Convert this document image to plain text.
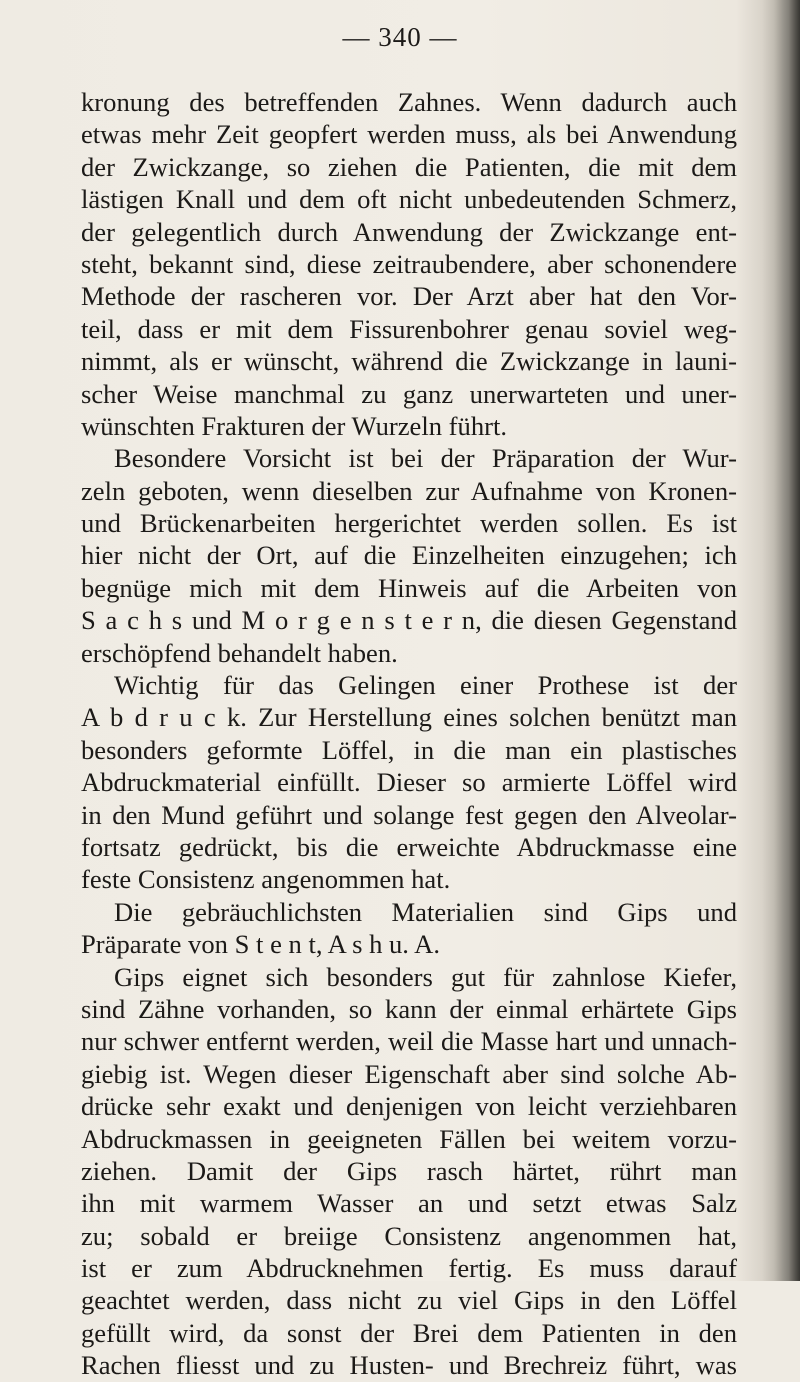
— 340 —
kronung des betreffenden Zahnes. Wenn dadurch auch
etwas mehr Zeit geopfert werden muss, als bei Anwendung
der Zwickzange, so ziehen die Patienten, die mit dem
lästigen Knall und dem oft nicht unbedeutenden Schmerz,
der gelegentlich durch Anwendung der Zwickzange ent-
steht, bekannt sind, diese zeitraubendere, aber schonendere
Methode der rascheren vor. Der Arzt aber hat den Vor-
teil, dass er mit dem Fissurenbohrer genau soviel weg-
nimmt, als er wünscht, während die Zwickzange in launi-
scher Weise manchmal zu ganz unerwarteten und uner-
wünschten Frakturen der Wurzeln führt.
Besondere Vorsicht ist bei der Präparation der Wur-
zeln geboten, wenn dieselben zur Aufnahme von Kronen-
und Brückenarbeiten hergerichtet werden sollen. Es ist
hier nicht der Ort, auf die Einzelheiten einzugehen; ich
begnüge mich mit dem Hinweis auf die Arbeiten von
S a c h s und M o r g e n s t e r n, die diesen Gegenstand
erschöpfend behandelt haben.
Wichtig für das Gelingen einer Prothese ist der
A b d r u c k. Zur Herstellung eines solchen benützt man
besonders geformte Löffel, in die man ein plastisches
Abdruckmaterial einfüllt. Dieser so armierte Löffel wird
in den Mund geführt und solange fest gegen den Alveolar-
fortsatz gedrückt, bis die erweichte Abdruckmasse eine
feste Consistenz angenommen hat.
Die gebräuchlichsten Materialien sind Gips und
Präparate von S t e n t, A s h u. A.
Gips eignet sich besonders gut für zahnlose Kiefer,
sind Zähne vorhanden, so kann der einmal erhärtete Gips
nur schwer entfernt werden, weil die Masse hart und unnach-
giebig ist. Wegen dieser Eigenschaft aber sind solche Ab-
drücke sehr exakt und denjenigen von leicht verziehbaren
Abdruckmassen in geeigneten Fällen bei weitem vorzu-
ziehen. Damit der Gips rasch härtet, rührt man
ihn mit warmem Wasser an und setzt etwas Salz
zu; sobald er breiige Consistenz angenommen hat,
ist er zum Abdrucknehmen fertig. Es muss darauf
geachtet werden, dass nicht zu viel Gips in den Löffel
gefüllt wird, da sonst der Brei dem Patienten in den
Rachen fliesst und zu Husten- und Brechreiz führt, was
